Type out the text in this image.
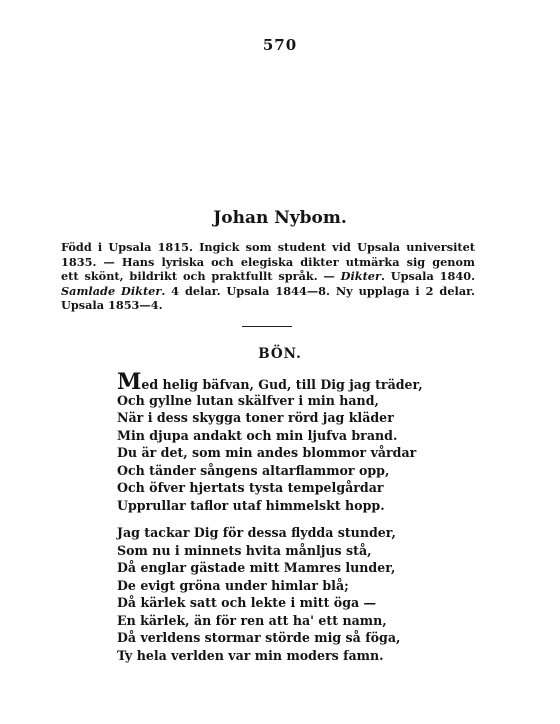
570
Johan Nybom.
Född i Upsala 1815. Ingick som student vid Upsala universitet
1835. — Hans lyriska och elegiska dikter utmärka sig genom
ett skönt, bildrikt och praktfullt språk. — Dikter. Upsala 1840.
Samlade Dikter. 4 delar. Upsala 1844—8. Ny upplaga i 2 delar.
Upsala 1853—4.
BÖN.
Med helig bäfvan, Gud, till Dig jag träder,
Och gyllne lutan skälfver i min hand,
När i dess skygga toner rörd jag kläder
Min djupa andakt och min ljufva brand.
Du är det, som min andes blommor vårdar
Och tänder sångens altarflammor opp,
Och öfver hjertats tysta tempelgårdar
Upprullar taflor utaf himmelskt hopp.
Jag tackar Dig för dessa flydda stunder,
Som nu i minnets hvita månljus stå,
Då englar gästade mitt Mamres lunder,
De evigt gröna under himlar blå;
Då kärlek satt och lekte i mitt öga —
En kärlek, än för ren att ha' ett namn,
Då verldens stormar störde mig så föga,
Ty hela verlden var min moders famn.
